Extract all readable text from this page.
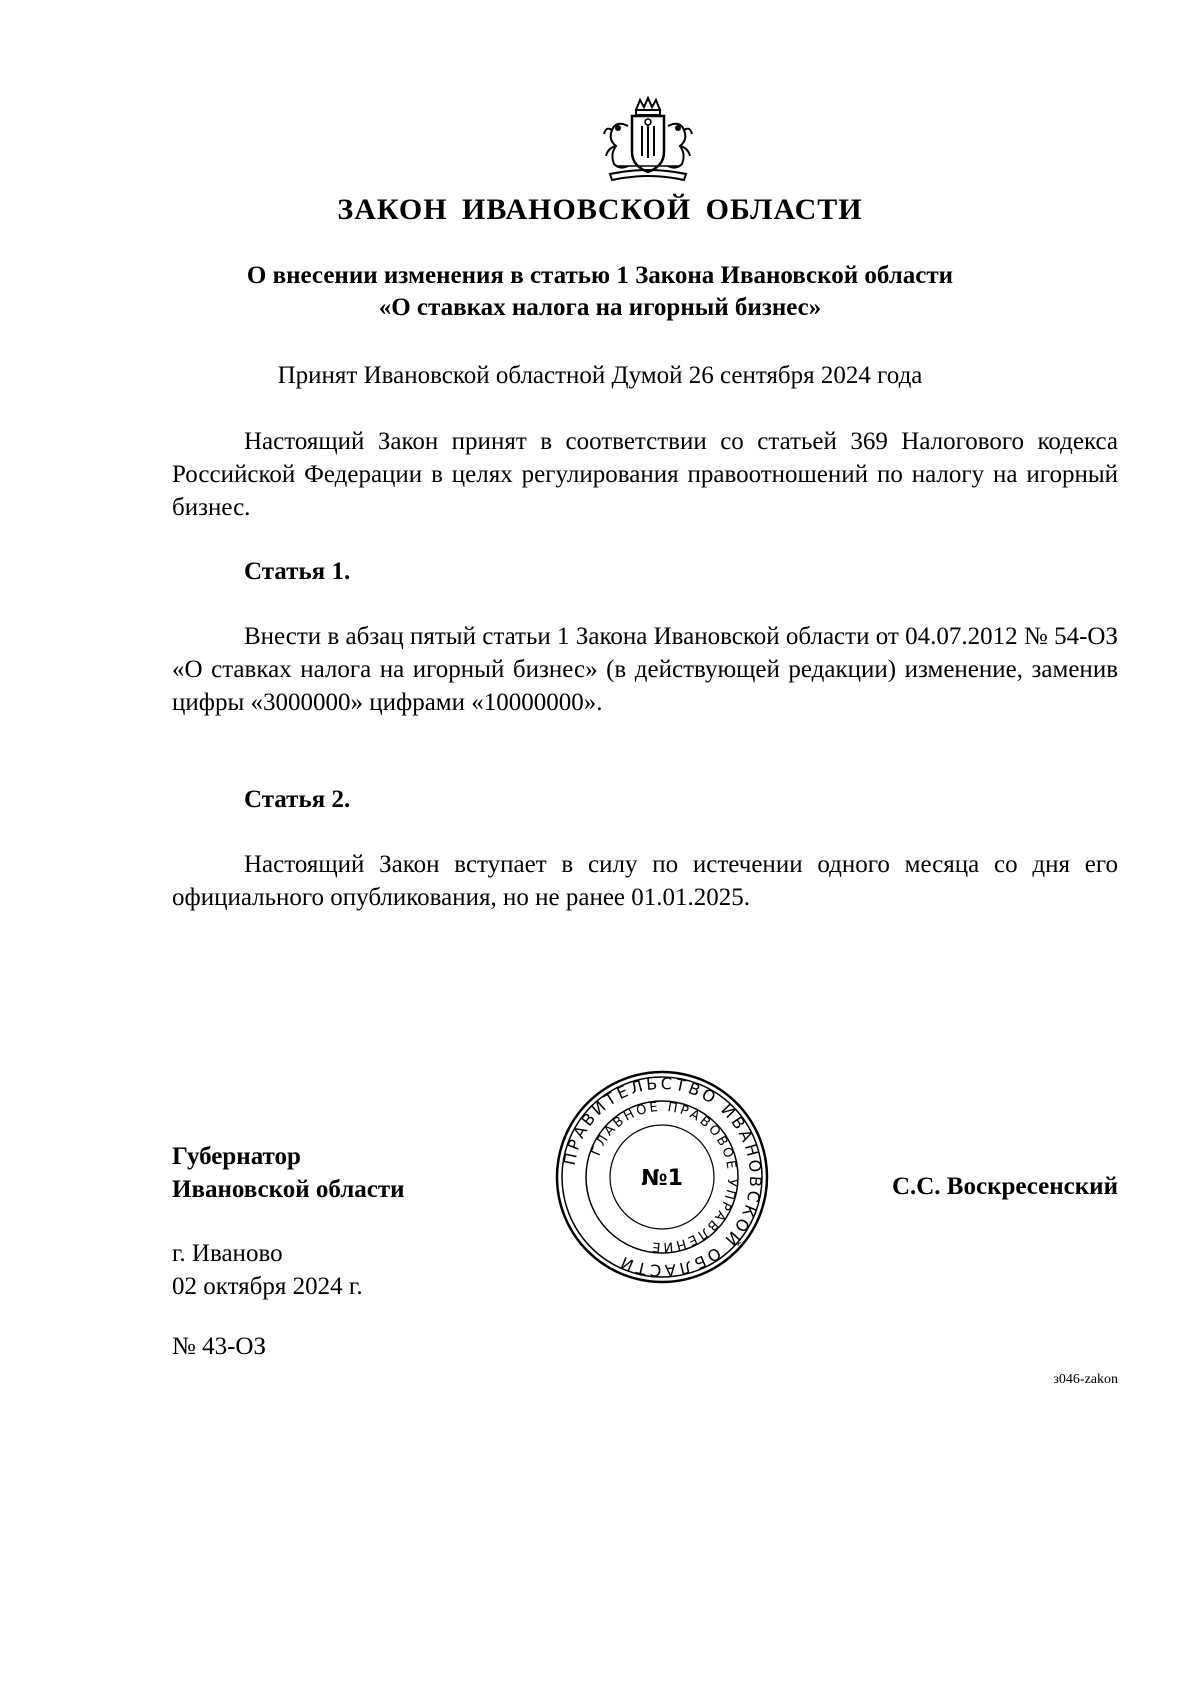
ЗАКОН ИВАНОВСКОЙ ОБЛАСТИ
О внесении изменения в статью 1 Закона Ивановской области
«О ставках налога на игорный бизнес»
Принят Ивановской областной Думой 26 сентября 2024 года
Настоящий Закон принят в соответствии со статьей 369 Налогового кодекса Российской Федерации в целях регулирования правоотношений по налогу на игорный бизнес.
Статья 1.
Внести в абзац пятый статьи 1 Закона Ивановской области от 04.07.2012 № 54-ОЗ «О ставках налога на игорный бизнес» (в действующей редакции) изменение, заменив цифры «3000000» цифрами «10000000».
Статья 2.
Настоящий Закон вступает в силу по истечении одного месяца со дня его официального опубликования, но не ранее 01.01.2025.
Губернатор
Ивановской области
ПРАВИТЕЛЬСТВО ИВАНОВСКОЙ ОБЛАСТИ
ГЛАВНОЕ ПРАВОВОЕ УПРАВЛЕНИЕ
№1	С.С. Воскресенский
г. Иваново
02 октября 2024 г.
№ 43-ОЗ
з046-zakon
